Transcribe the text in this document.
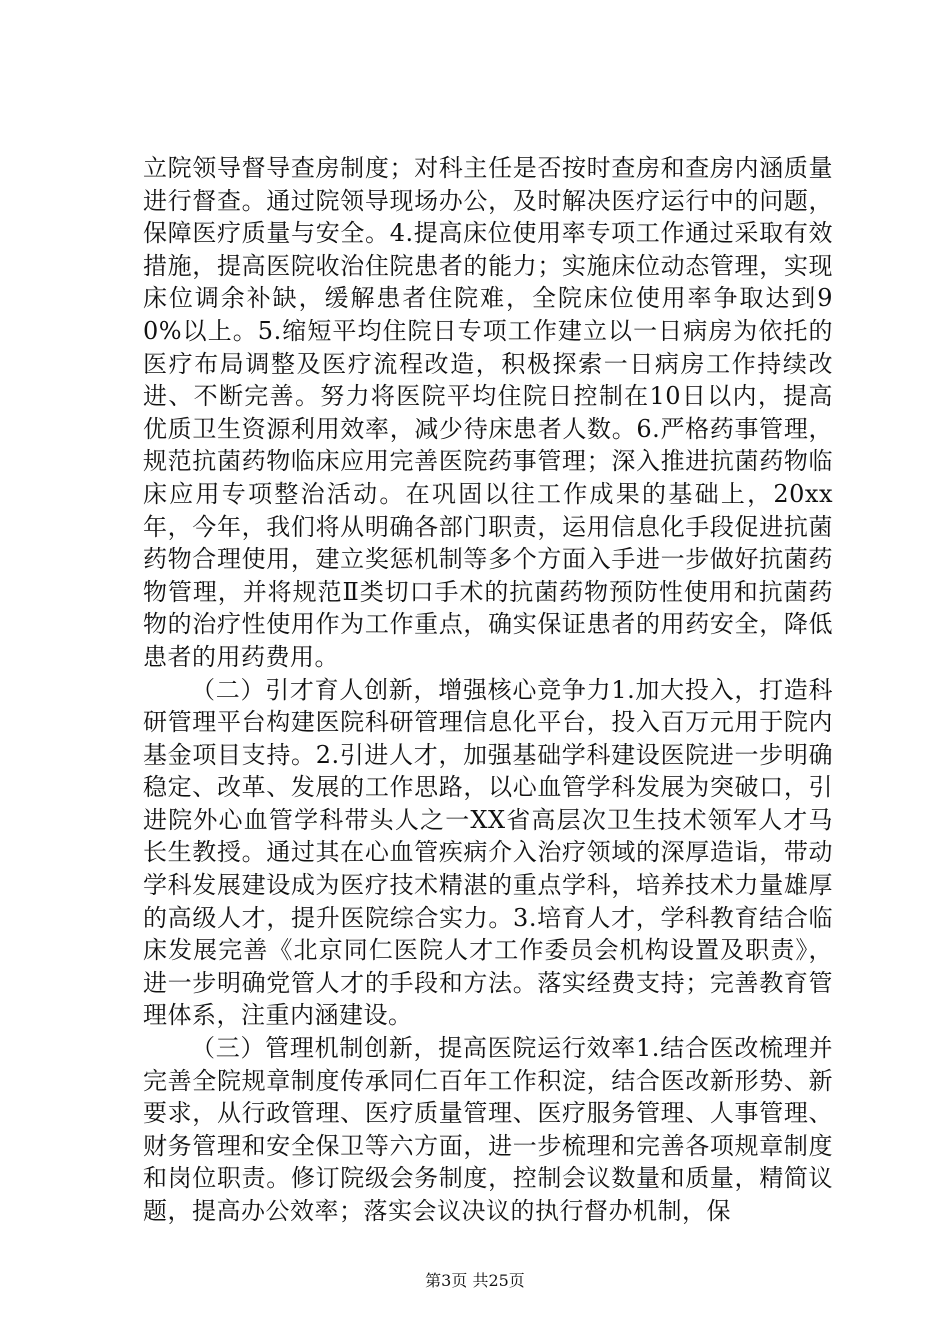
立院领导督导查房制度；对科主任是否按时查房和查房内涵质量进行督查。通过院领导现场办公，及时解决医疗运行中的问题，保障医疗质量与安全。4.提高床位使用率专项工作通过采取有效措施，提高医院收治住院患者的能力；实施床位动态管理，实现床位调余补缺，缓解患者住院难，全院床位使用率争取达到90%以上。5.缩短平均住院日专项工作建立以一日病房为依托的医疗布局调整及医疗流程改造，积极探索一日病房工作持续改进、不断完善。努力将医院平均住院日控制在10日以内，提高优质卫生资源利用效率，减少待床患者人数。6.严格药事管理，规范抗菌药物临床应用完善医院药事管理；深入推进抗菌药物临床应用专项整治活动。在巩固以往工作成果的基础上，20xx年，今年，我们将从明确各部门职责，运用信息化手段促进抗菌药物合理使用，建立奖惩机制等多个方面入手进一步做好抗菌药物管理，并将规范Ⅱ类切口手术的抗菌药物预防性使用和抗菌药物的治疗性使用作为工作重点，确实保证患者的用药安全，降低患者的用药费用。

（二）引才育人创新，增强核心竞争力1.加大投入，打造科研管理平台构建医院科研管理信息化平台，投入百万元用于院内基金项目支持。2.引进人才，加强基础学科建设医院进一步明确稳定、改革、发展的工作思路，以心血管学科发展为突破口，引进院外心血管学科带头人之一XX省高层次卫生技术领军人才马长生教授。通过其在心血管疾病介入治疗领域的深厚造诣，带动学科发展建设成为医疗技术精湛的重点学科，培养技术力量雄厚的高级人才，提升医院综合实力。3.培育人才，学科教育结合临床发展完善《北京同仁医院人才工作委员会机构设置及职责》，进一步明确党管人才的手段和方法。落实经费支持；完善教育管理体系，注重内涵建设。

（三）管理机制创新，提高医院运行效率1.结合医改梳理并完善全院规章制度传承同仁百年工作积淀，结合医改新形势、新要求，从行政管理、医疗质量管理、医疗服务管理、人事管理、财务管理和安全保卫等六方面，进一步梳理和完善各项规章制度和岗位职责。修订院级会务制度，控制会议数量和质量，精简议题，提高办公效率；落实会议决议的执行督办机制，保

第3页 共25页
